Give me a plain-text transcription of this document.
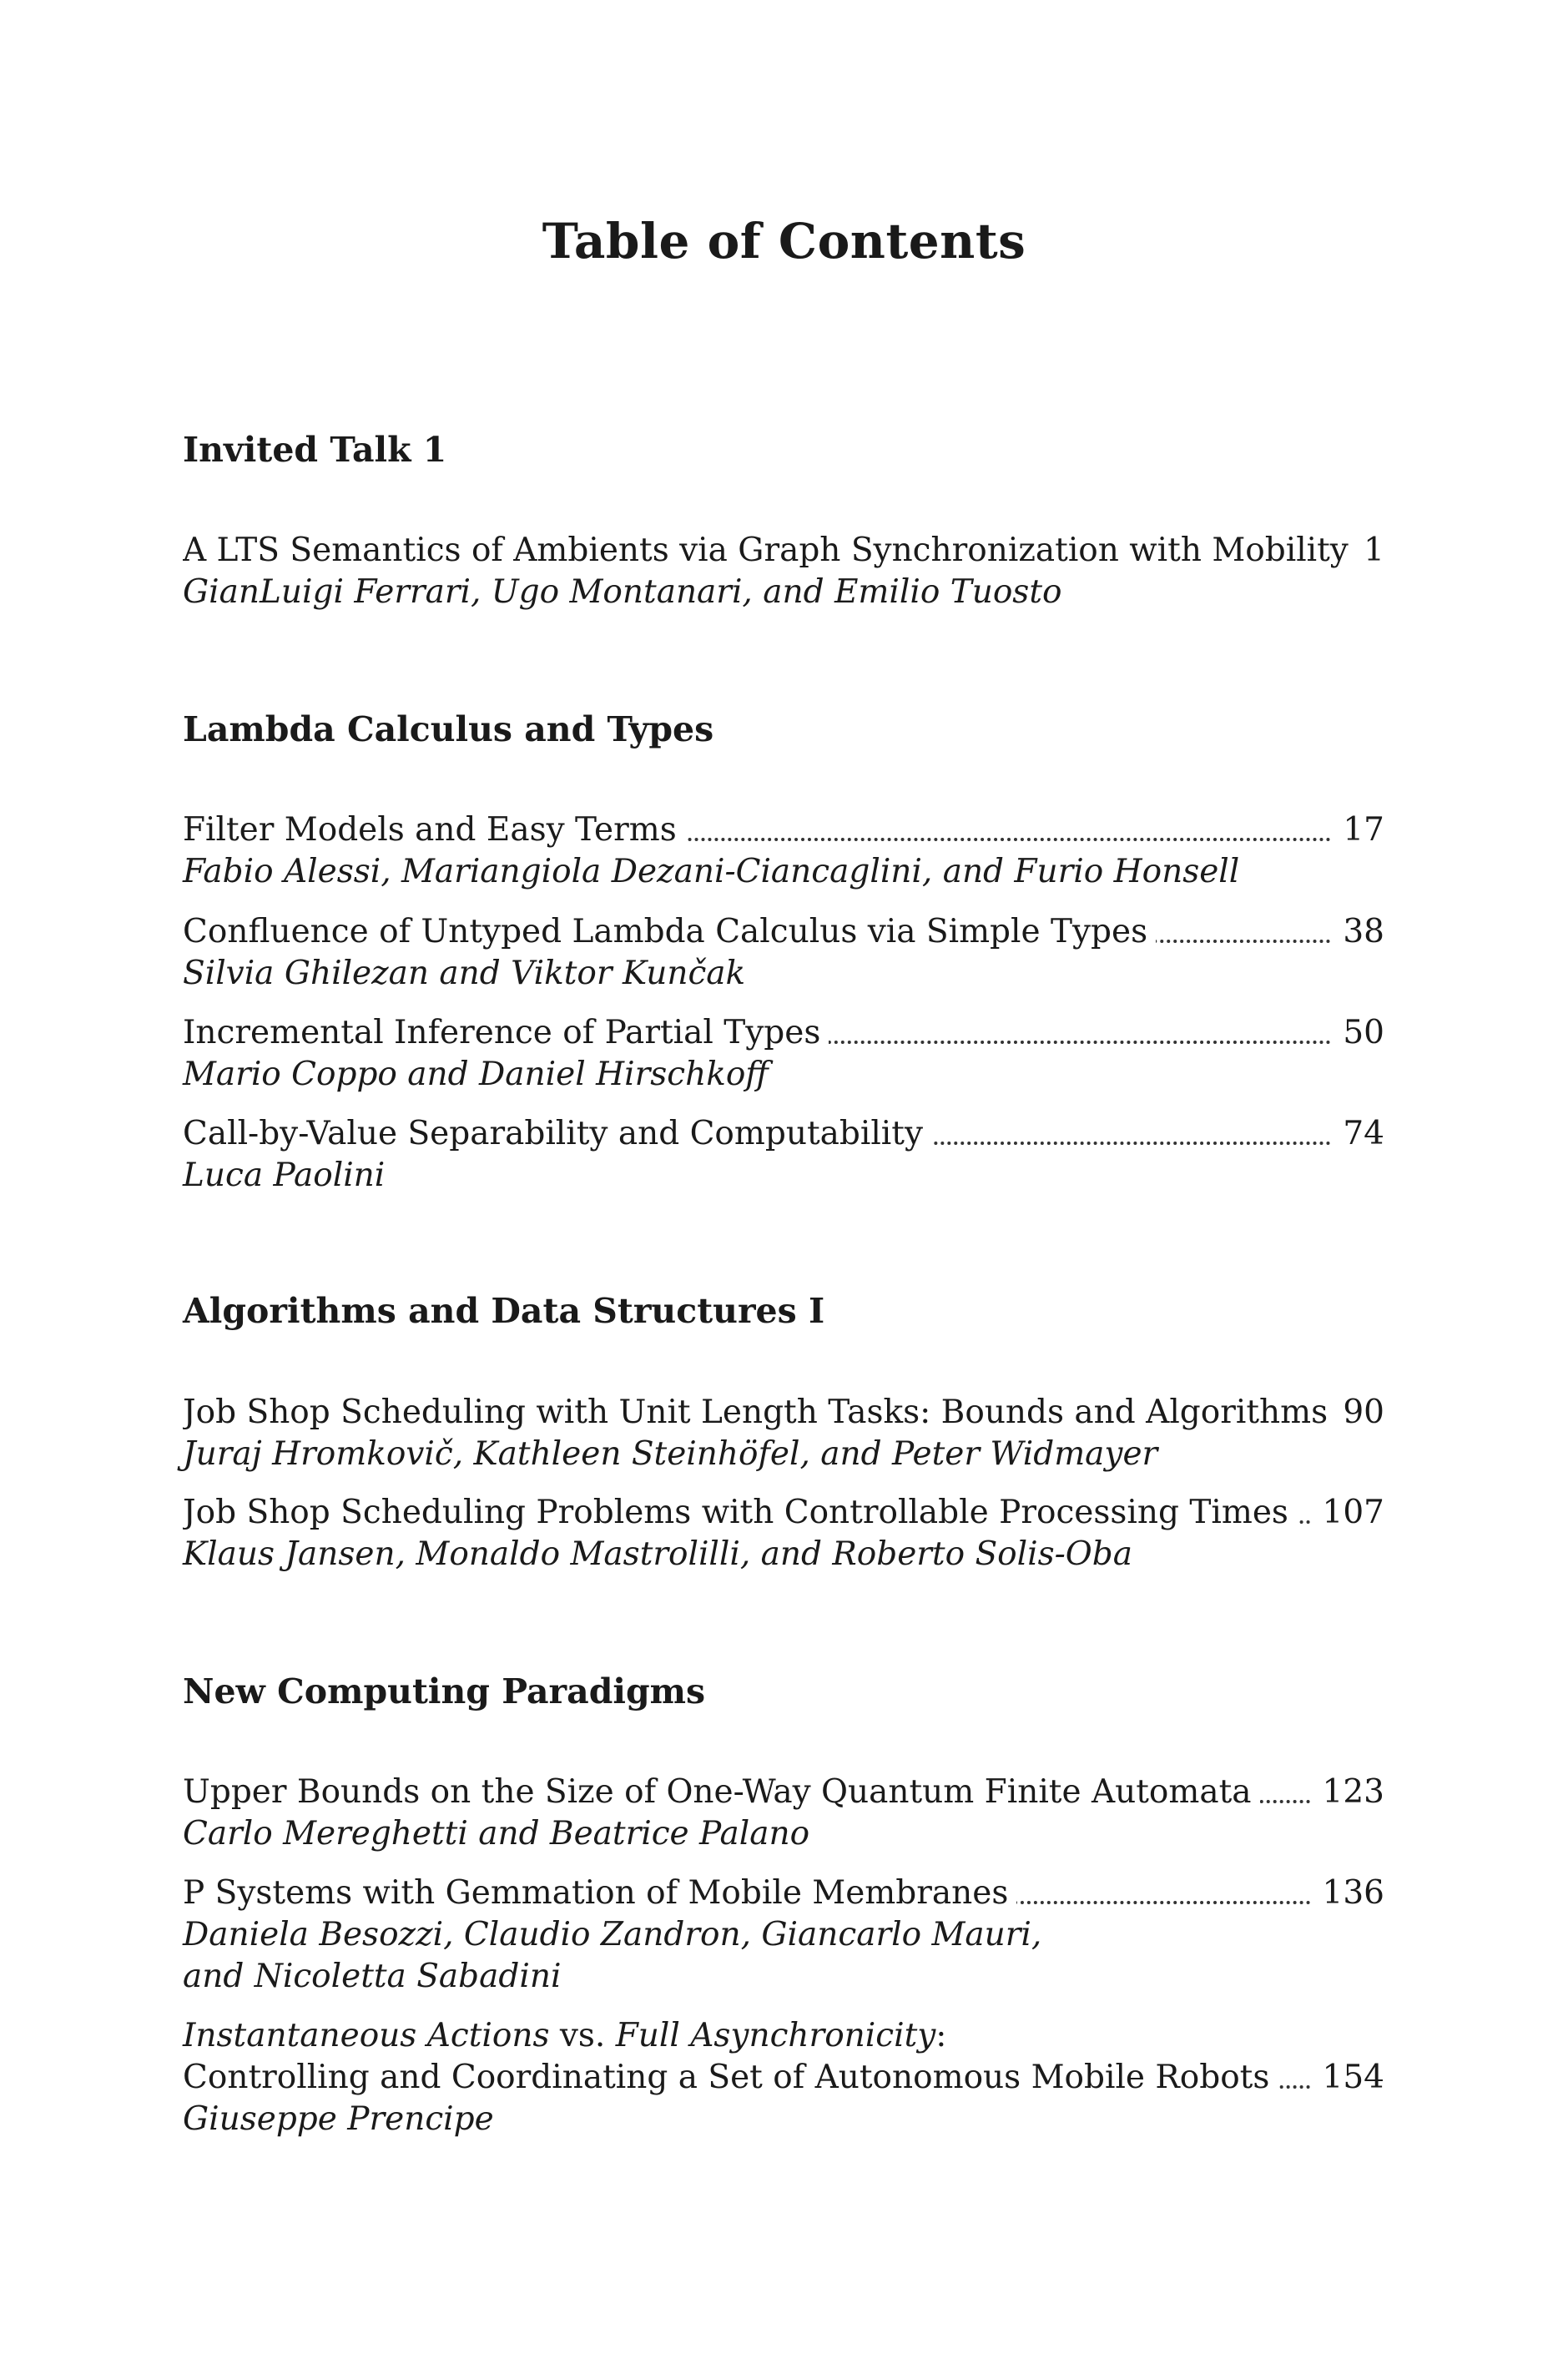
Table of Contents
Invited Talk 1
A LTS Semantics of Ambients via Graph Synchronization with Mobility 1
GianLuigi Ferrari, Ugo Montanari, and Emilio Tuosto
Lambda Calculus and Types
Filter Models and Easy Terms	17
Fabio Alessi, Mariangiola Dezani-Ciancaglini, and Furio Honsell
Confluence of Untyped Lambda Calculus via Simple Types	38
Silvia Ghilezan and Viktor Kunčak
Incremental Inference of Partial Types	50
Mario Coppo and Daniel Hirschkoff
Call-by-Value Separability and Computability	74
Luca Paolini
Algorithms and Data Structures I
Job Shop Scheduling with Unit Length Tasks: Bounds and Algorithms 90
Juraj Hromkovič, Kathleen Steinhöfel, and Peter Widmayer
Job Shop Scheduling Problems with Controllable Processing Times	107
Klaus Jansen, Monaldo Mastrolilli, and Roberto Solis-Oba
New Computing Paradigms
Upper Bounds on the Size of One-Way Quantum Finite Automata	123
Carlo Mereghetti and Beatrice Palano
P Systems with Gemmation of Mobile Membranes	136
Daniela Besozzi, Claudio Zandron, Giancarlo Mauri,
and Nicoletta Sabadini
Instantaneous Actions vs. Full Asynchronicity:
Controlling and Coordinating a Set of Autonomous Mobile Robots	154
Giuseppe Prencipe
